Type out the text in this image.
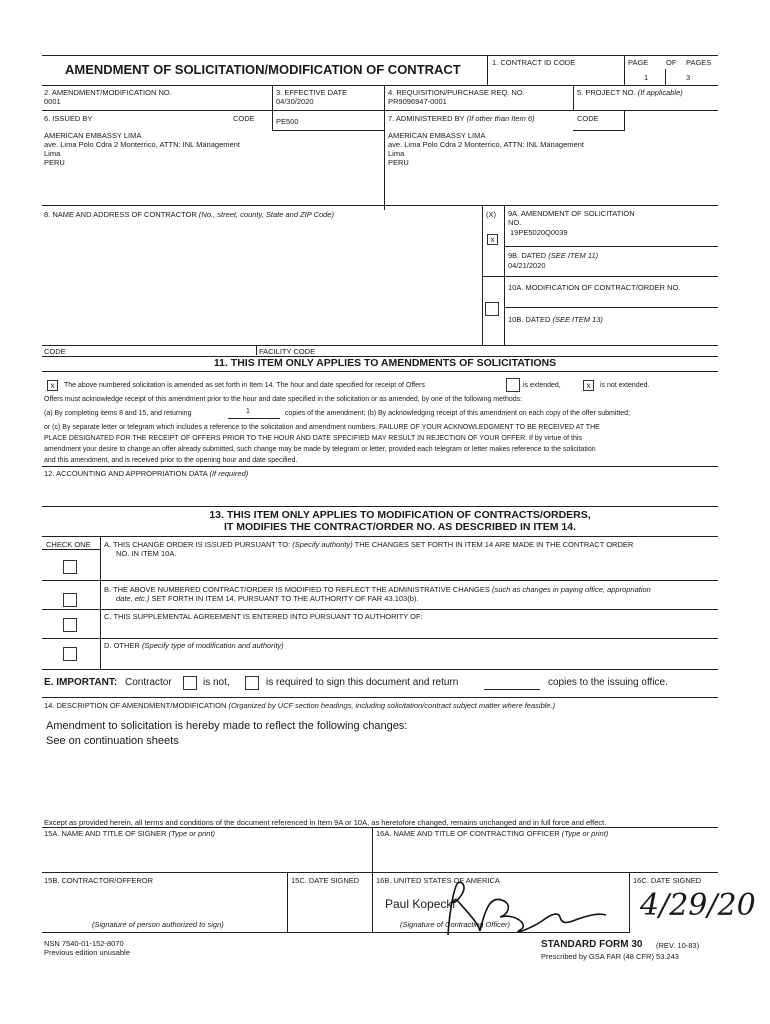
AMENDMENT OF SOLICITATION/MODIFICATION OF CONTRACT	1. CONTRACT ID CODE	PAGE OF PAGES
1	3
2. AMENDMENT/MODIFICATION NO.
0001
3. EFFECTIVE DATE
04/30/2020
4. REQUISITION/PURCHASE REQ. NO.
PR9096947-0001
5. PROJECT NO. (If applicable)
6. ISSUED BY	CODE	PE500	7. ADMINISTERED BY (If other than Item 6)	CODE
AMERICAN EMBASSY LIMA
ave. Lima Polo Cdra 2 Monterrico, ATTN: INL Management
Lima
PERU
AMERICAN EMBASSY LIMA
ave. Lima Polo Cdra 2 Monterrico, ATTN: INL Management
Lima
PERU
8. NAME AND ADDRESS OF CONTRACTOR (No., street, county, State and ZIP Code)	(X) 9A. AMENDMENT OF SOLICITATION
NO.
19PE5020Q0039
x
9B. DATED (SEE ITEM 11)
04/21/2020
10A. MODIFICATION OF CONTRACT/ORDER NO.
10B. DATED (SEE ITEM 13)
CODE	FACILITY CODE
11. THIS ITEM ONLY APPLIES TO AMENDMENTS OF SOLICITATIONS
x	The above numbered solicitation is amended as set forth in Item 14. The hour and date specified for receipt of Offers	is extended,	x	is not extended.
Offers must acknowledge receipt of this amendment prior to the hour and date specified in the solicitation or as amended, by one of the following methods:
(a) By completing items 8 and 15, and returning	1	copies of the amendment; (b) By acknowledging receipt of this amendment on each copy of the offer submitted;
or (c) By separate letter or telegram which includes a reference to the solicitation and amendment numbers. FAILURE OF YOUR ACKNOWLEDGMENT TO BE RECEIVED AT THE
PLACE DESIGNATED FOR THE RECEIPT OF OFFERS PRIOR TO THE HOUR AND DATE SPECIFIED MAY RESULT IN REJECTION OF YOUR OFFER. If by virtue of this
amendment your desire to change an offer already submitted, such change may be made by telegram or letter, provided each telegram or letter makes reference to the solicitation
and this amendment, and is received prior to the opening hour and date specified.
12. ACCOUNTING AND APPROPRIATION DATA (If required)
13. THIS ITEM ONLY APPLIES TO MODIFICATION OF CONTRACTS/ORDERS,
IT MODIFIES THE CONTRACT/ORDER NO. AS DESCRIBED IN ITEM 14.
CHECK ONE A. THIS CHANGE ORDER IS ISSUED PURSUANT TO: (Specify authority) THE CHANGES SET FORTH IN ITEM 14 ARE MADE IN THE CONTRACT ORDER
NO. IN ITEM 10A.
B. THE ABOVE NUMBERED CONTRACT/ORDER IS MODIFIED TO REFLECT THE ADMINISTRATIVE CHANGES (such as changes in paying office, appropriation
date, etc.) SET FORTH IN ITEM 14, PURSUANT TO THE AUTHORITY OF FAR 43.103(b).
C. THIS SUPPLEMENTAL AGREEMENT IS ENTERED INTO PURSUANT TO AUTHORITY OF:
D. OTHER (Specify type of modification and authority)
E. IMPORTANT: Contractor	is not,	is required to sign this document and return	copies to the issuing office.
14. DESCRIPTION OF AMENDMENT/MODIFICATION (Organized by UCF section headings, including solicitation/contract subject matter where feasible.)
Amendment to solicitation is hereby made to reflect the following changes:
See on continuation sheets
Except as provided herein, all terms and conditions of the document referenced in Item 9A or 10A, as heretofore changed, remains unchanged and in full force and effect.
15A. NAME AND TITLE OF SIGNER (Type or print)	16A. NAME AND TITLE OF CONTRACTING OFFICER (Type or print)
15B. CONTRACTOR/OFFEROR	15C. DATE SIGNED 16B. UNITED STATES OF AMERICA	16C. DATE SIGNED
Paul Kopecki	4/29/20
(Signature of person authorized to sign)	(Signature of Contracting Officer)
NSN 7540-01-152-8070
Previous edition unusable
STANDARD FORM 30 (REV. 10-83)
Prescribed by GSA FAR (48 CFR) 53.243
